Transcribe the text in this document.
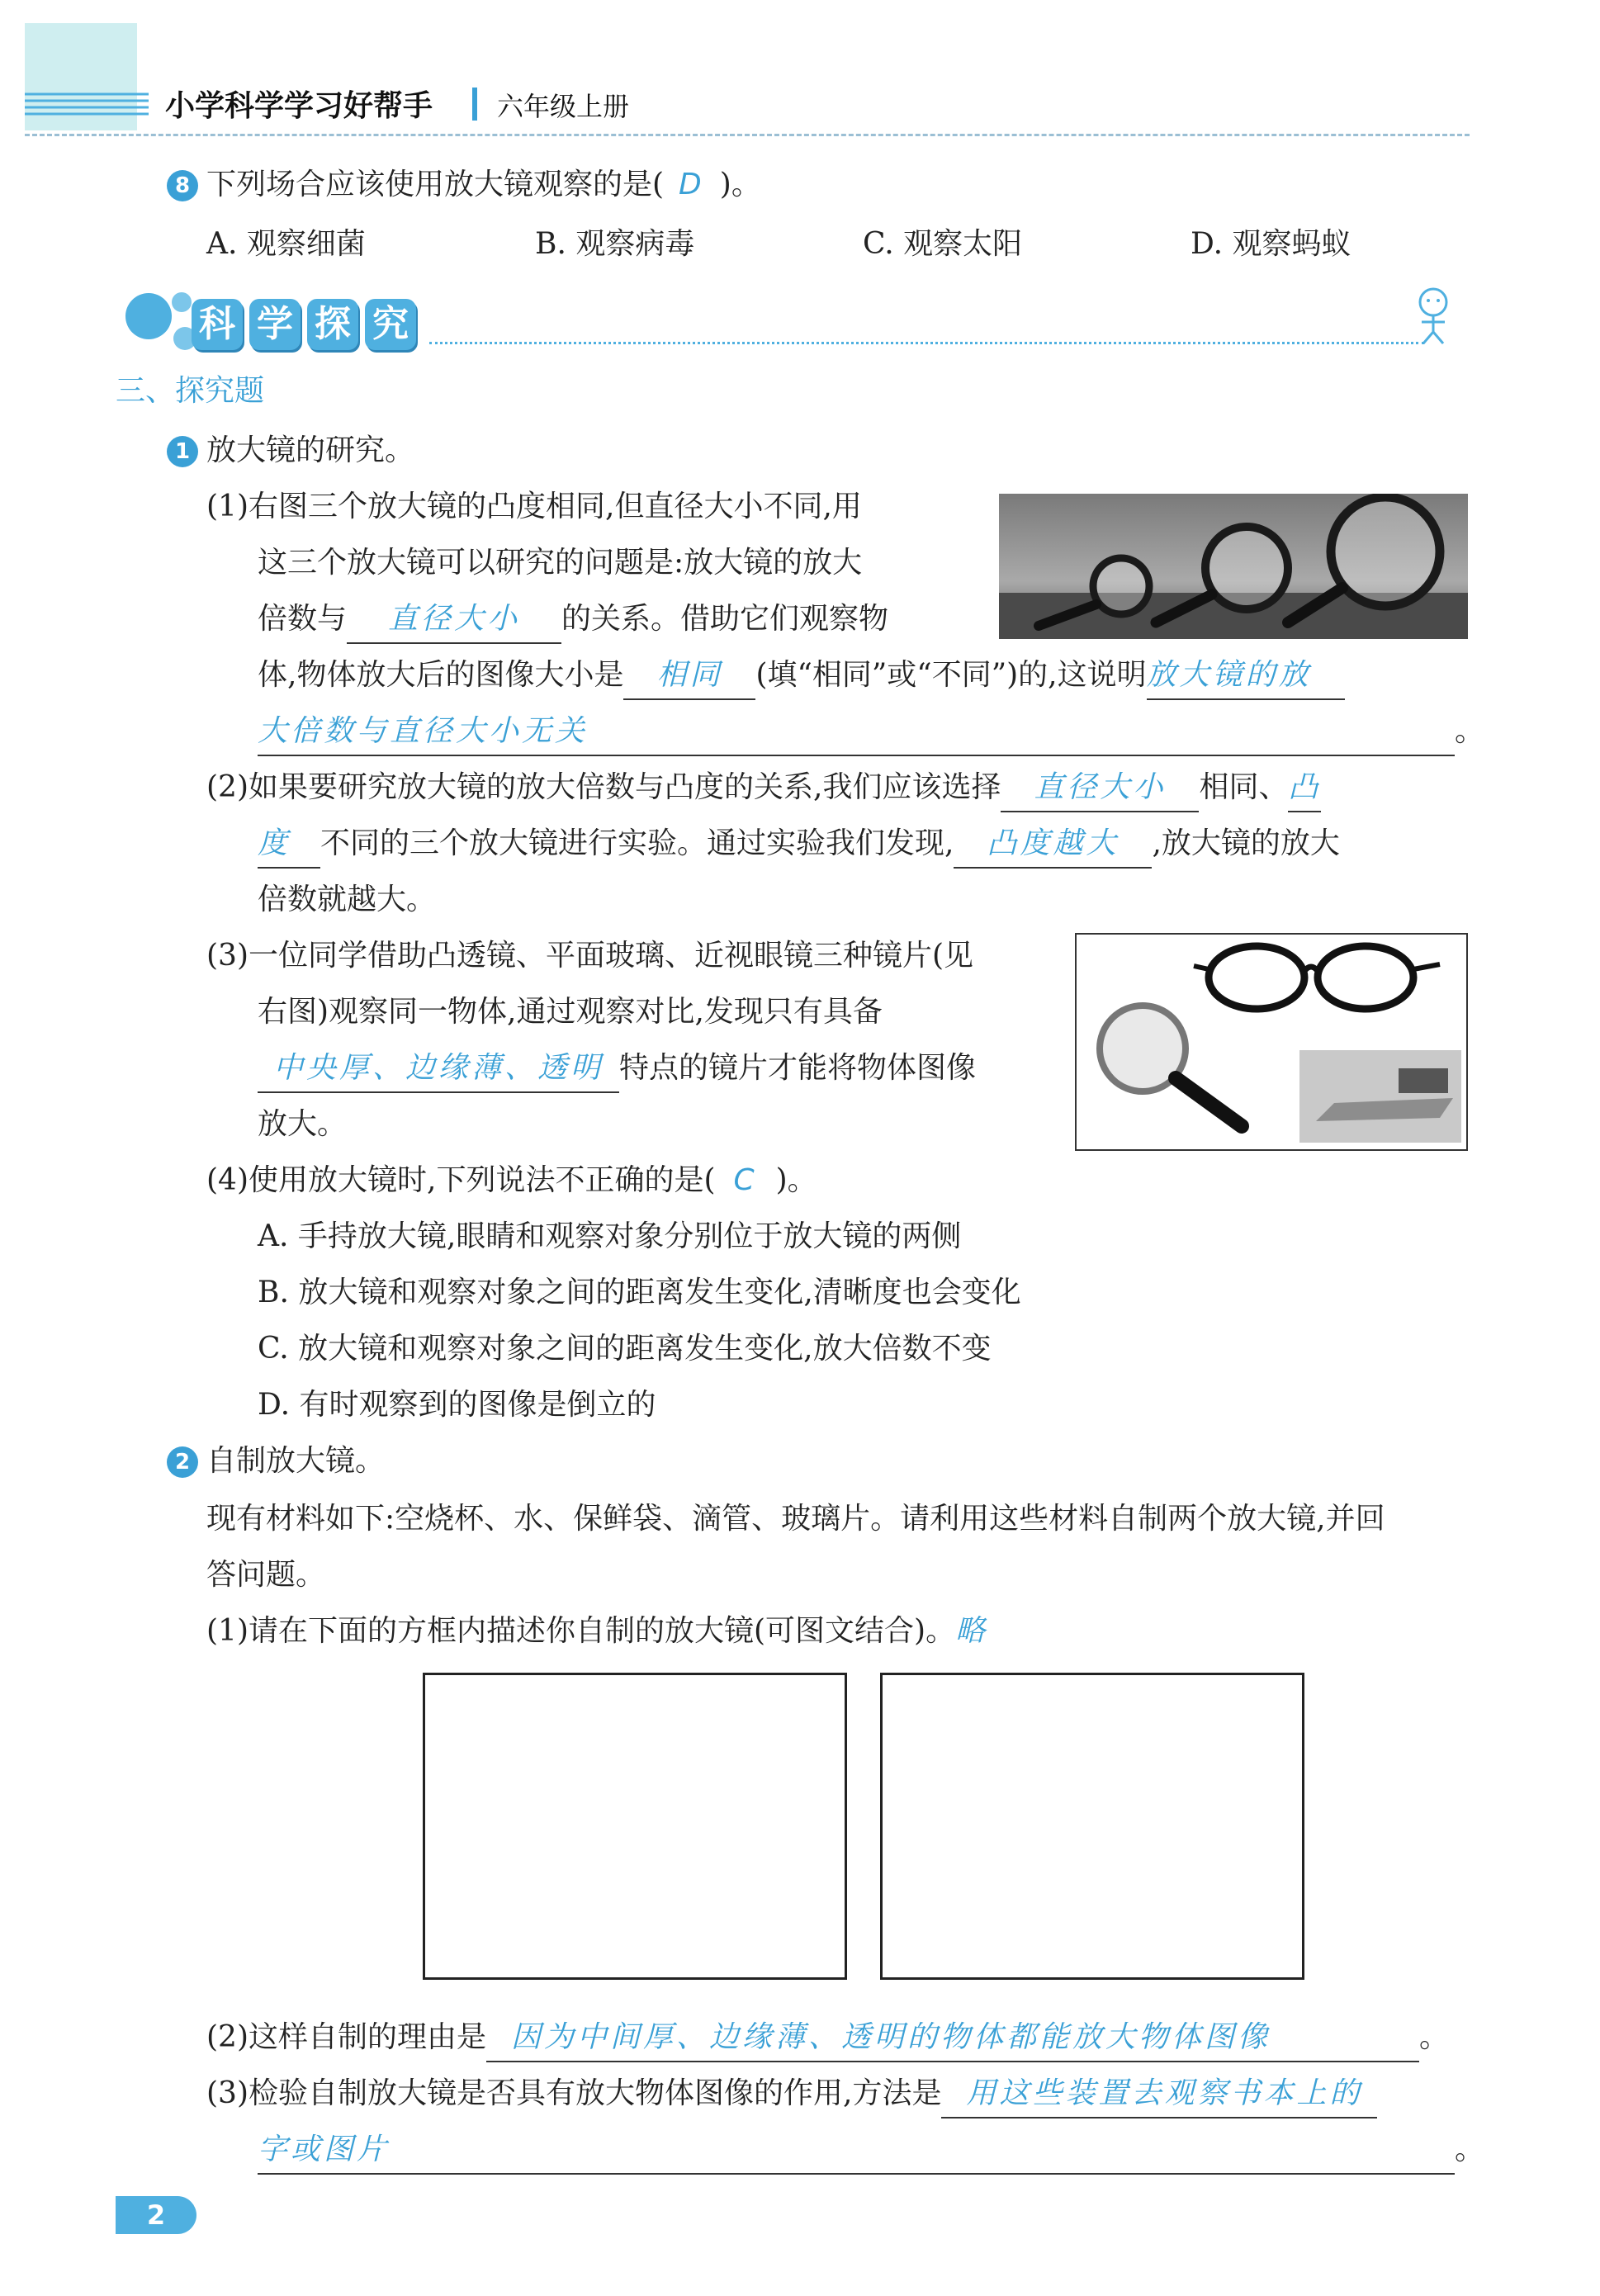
小学科学学习好帮手 六年级上册
8 下列场合应该使用放大镜观察的是( D )。
A. 观察细菌	B. 观察病毒	C. 观察太阳	D. 观察蚂蚁
科 学 探 究
三、探究题
1 放大镜的研究。
(1)右图三个放大镜的凸度相同,但直径大小不同,用
这三个放大镜可以研究的问题是:放大镜的放大
倍数与 直径大小 的关系。借助它们观察物
体,物体放大后的图像大小是 相同 (填“相同”或“不同”)的,这说明放大镜的放
大倍数与直径大小无关	。
(2)如果要研究放大镜的放大倍数与凸度的关系,我们应该选择 直径大小 相同、凸
度 不同的三个放大镜进行实验。通过实验我们发现, 凸度越大 ,放大镜的放大
倍数就越大。
(3)一位同学借助凸透镜、平面玻璃、近视眼镜三种镜片(见
右图)观察同一物体,通过观察对比,发现只有具备
中央厚、边缘薄、透明 特点的镜片才能将物体图像
放大。
(4)使用放大镜时,下列说法不正确的是( C )。
A. 手持放大镜,眼睛和观察对象分别位于放大镜的两侧
B. 放大镜和观察对象之间的距离发生变化,清晰度也会变化
C. 放大镜和观察对象之间的距离发生变化,放大倍数不变
D. 有时观察到的图像是倒立的
2 自制放大镜。
现有材料如下:空烧杯、水、保鲜袋、滴管、玻璃片。请利用这些材料自制两个放大镜,并回
答问题。
(1)请在下面的方框内描述你自制的放大镜(可图文结合)。略
(2)这样自制的理由是 因为中间厚、边缘薄、透明的物体都能放大物体图像	。
(3)检验自制放大镜是否具有放大物体图像的作用,方法是 用这些装置去观察书本上的
字或图片	。
2
